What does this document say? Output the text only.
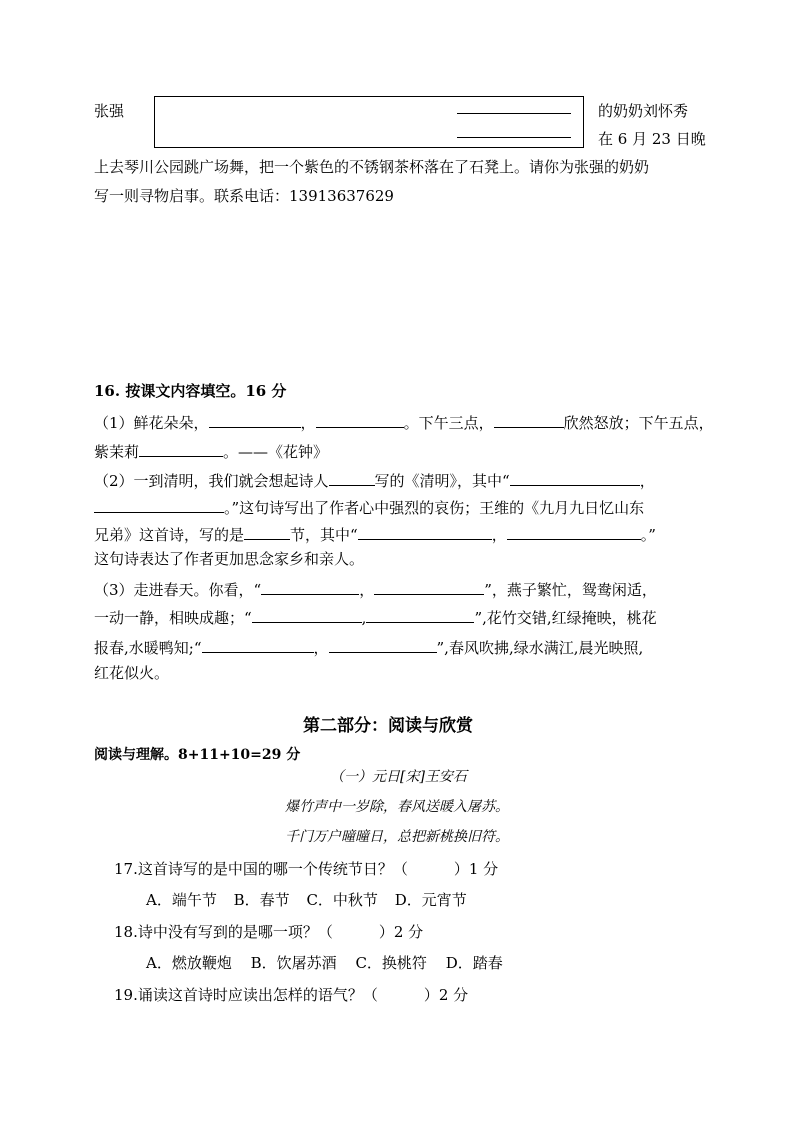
张强	的奶奶刘怀秀
在 6 月 23 日晚
上去琴川公园跳广场舞，把一个紫色的不锈钢茶杯落在了石凳上。请你为张强的奶奶
写一则寻物启事。联系电话：13913637629
16. 按课文内容填空。16 分
（1）鲜花朵朵，	，	。下午三点，	欣然怒放；下午五点，
紫茉莉	。——《花钟》
（2）一到清明，我们就会想起诗人	写的《清明》，其中“	，
。”这句诗写出了作者心中强烈的哀伤；王维的《九月九日忆山东
兄弟》这首诗，写的是	节，其中“	，	。”
这句诗表达了作者更加思念家乡和亲人。
（3）走进春天。你看，“	，	”，燕子繁忙，鸳鸯闲适，
一动一静，相映成趣；“	,	”,花竹交错,红绿掩映，桃花
报春,水暖鸭知;“	，	”,春风吹拂,绿水满江,晨光映照,
红花似火。
第二部分：阅读与欣赏
阅读与理解。8+11+10=29 分
（一）元日[宋]王安石
爆竹声中一岁除，春风送暖入屠苏。
千门万户曈曈日，总把新桃换旧符。
17.这首诗写的是中国的哪一个传统节日？（	）1 分
A．端午节 B．春节 C．中秋节 D．元宵节
18.诗中没有写到的是哪一项？（	）2 分
A．燃放鞭炮 B．饮屠苏酒 C．换桃符 D．踏春
19.诵读这首诗时应读出怎样的语气？（	）2 分
